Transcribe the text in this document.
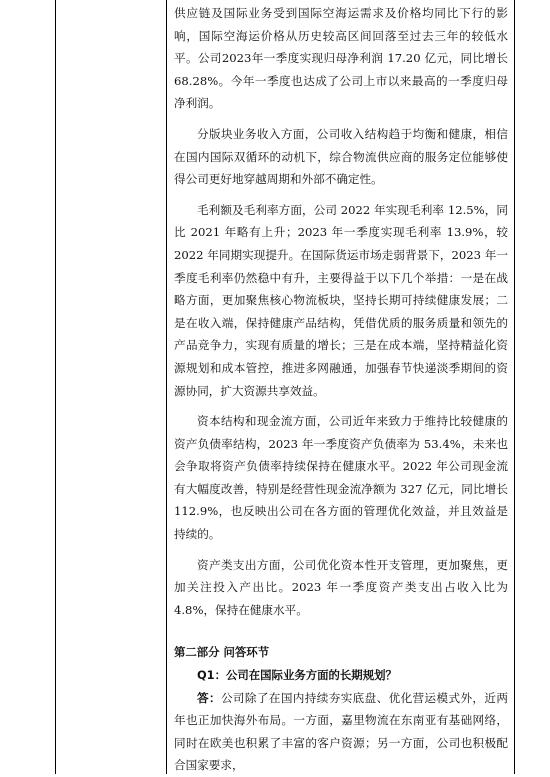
供应链及国际业务受到国际空海运需求及价格均同比下行的影响，国际空海运价格从历史较高区间回落至过去三年的较低水平。公司2023年一季度实现归母净利润 17.20 亿元，同比增长 68.28%。今年一季度也达成了公司上市以来最高的一季度归母净利润。

分版块业务收入方面，公司收入结构趋于均衡和健康，相信在国内国际双循环的动机下，综合物流供应商的服务定位能够使得公司更好地穿越周期和外部不确定性。

毛利额及毛利率方面，公司 2022 年实现毛利率 12.5%，同比 2021 年略有上升；2023 年一季度实现毛利率 13.9%，较 2022 年同期实现提升。在国际货运市场走弱背景下，2023 年一季度毛利率仍然稳中有升，主要得益于以下几个举措：一是在战略方面，更加聚焦核心物流板块，坚持长期可持续健康发展；二是在收入端，保持健康产品结构，凭借优质的服务质量和领先的产品竞争力，实现有质量的增长；三是在成本端，坚持精益化资源规划和成本管控，推进多网融通，加强春节快递淡季期间的资源协同，扩大资源共享效益。

资本结构和现金流方面，公司近年来致力于维持比较健康的资产负债率结构，2023 年一季度资产负债率为 53.4%，未来也会争取将资产负债率持续保持在健康水平。2022 年公司现金流有大幅度改善，特别是经营性现金流净额为 327 亿元，同比增长 112.9%，也反映出公司在各方面的管理优化效益，并且效益是持续的。

资产类支出方面，公司优化资本性开支管理，更加聚焦，更加关注投入产出比。2023 年一季度资产类支出占收入比为 4.8%，保持在健康水平。

第二部分 问答环节

Q1：公司在国际业务方面的长期规划？

答：公司除了在国内持续夯实底盘、优化营运模式外，近两年也正加快海外布局。一方面，嘉里物流在东南亚有基础网络，同时在欧美也积累了丰富的客户资源；另一方面，公司也积极配合国家要求，
